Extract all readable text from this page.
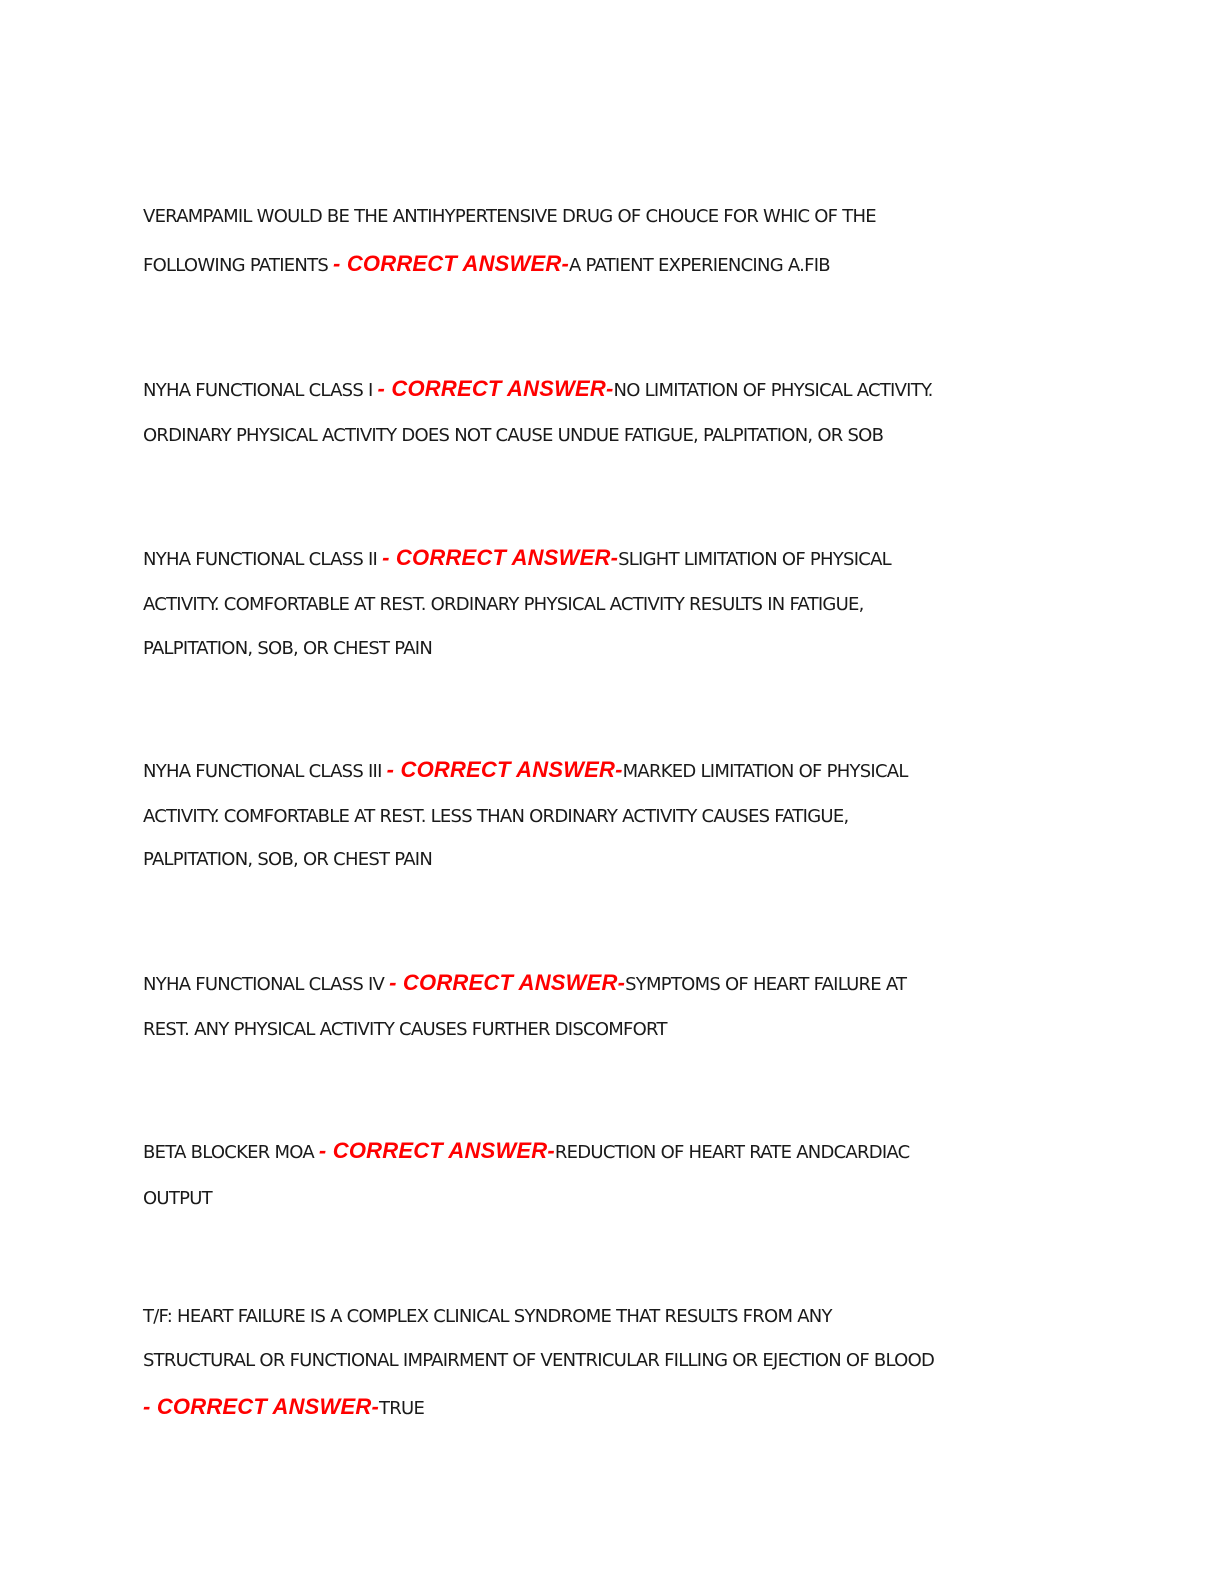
VERAMPAMIL WOULD BE THE ANTIHYPERTENSIVE DRUG OF CHOUCE FOR WHIC OF THE
FOLLOWING PATIENTS - CORRECT ANSWER-A PATIENT EXPERIENCING A.FIB
NYHA FUNCTIONAL CLASS I - CORRECT ANSWER-NO LIMITATION OF PHYSICAL ACTIVITY.
ORDINARY PHYSICAL ACTIVITY DOES NOT CAUSE UNDUE FATIGUE, PALPITATION, OR SOB
NYHA FUNCTIONAL CLASS II - CORRECT ANSWER-SLIGHT LIMITATION OF PHYSICAL
ACTIVITY. COMFORTABLE AT REST. ORDINARY PHYSICAL ACTIVITY RESULTS IN FATIGUE,
PALPITATION, SOB, OR CHEST PAIN
NYHA FUNCTIONAL CLASS III - CORRECT ANSWER-MARKED LIMITATION OF PHYSICAL
ACTIVITY. COMFORTABLE AT REST. LESS THAN ORDINARY ACTIVITY CAUSES FATIGUE,
PALPITATION, SOB, OR CHEST PAIN
NYHA FUNCTIONAL CLASS IV - CORRECT ANSWER-SYMPTOMS OF HEART FAILURE AT
REST. ANY PHYSICAL ACTIVITY CAUSES FURTHER DISCOMFORT
BETA BLOCKER MOA - CORRECT ANSWER-REDUCTION OF HEART RATE ANDCARDIAC
OUTPUT
T/F: HEART FAILURE IS A COMPLEX CLINICAL SYNDROME THAT RESULTS FROM ANY
STRUCTURAL OR FUNCTIONAL IMPAIRMENT OF VENTRICULAR FILLING OR EJECTION OF BLOOD
- CORRECT ANSWER-TRUE
